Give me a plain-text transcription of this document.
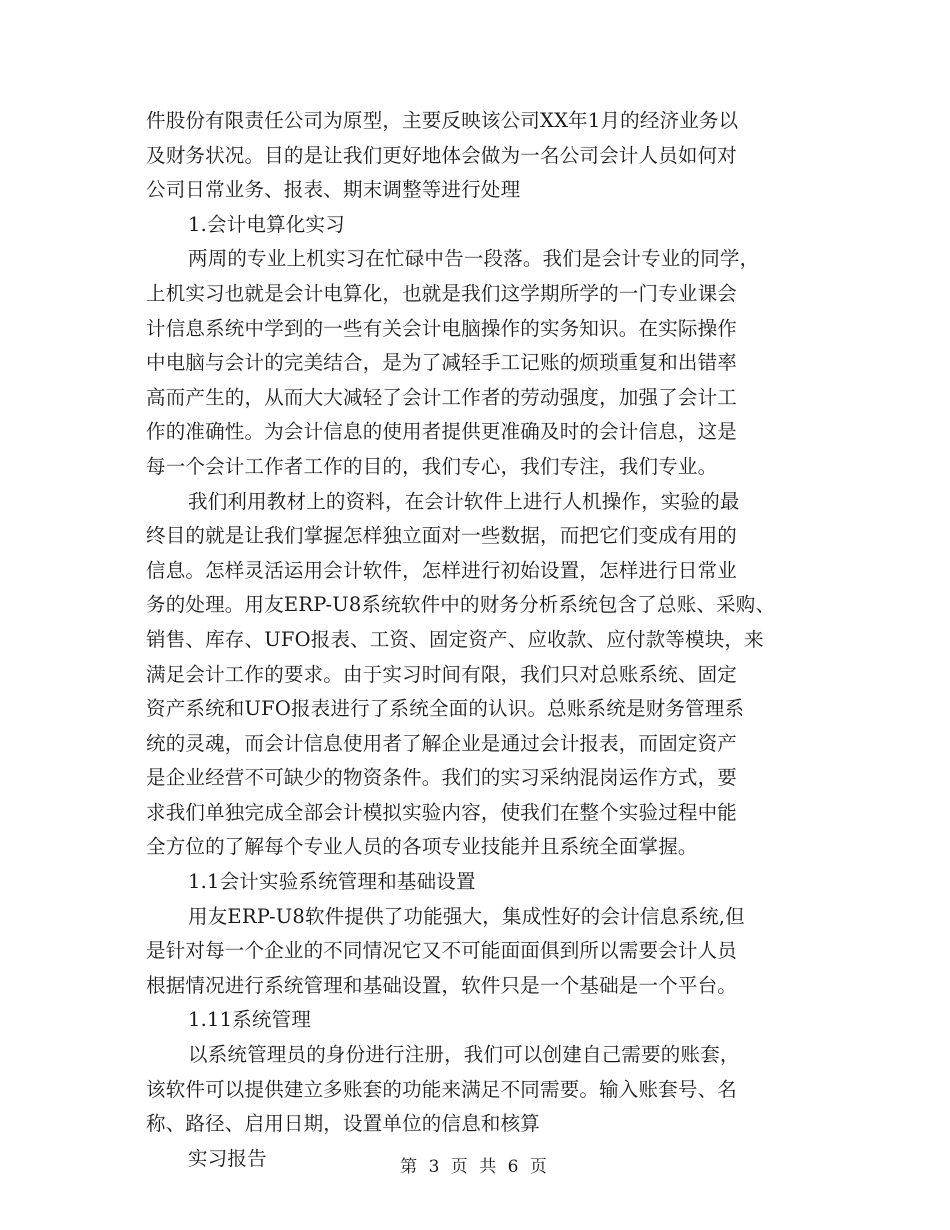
件股份有限责任公司为原型，主要反映该公司XX年1月的经济业务以
及财务状况。目的是让我们更好地体会做为一名公司会计人员如何对
公司日常业务、报表、期末调整等进行处理
1.会计电算化实习
两周的专业上机实习在忙碌中告一段落。我们是会计专业的同学，
上机实习也就是会计电算化，也就是我们这学期所学的一门专业课会
计信息系统中学到的一些有关会计电脑操作的实务知识。在实际操作
中电脑与会计的完美结合，是为了减轻手工记账的烦琐重复和出错率
高而产生的，从而大大减轻了会计工作者的劳动强度，加强了会计工
作的准确性。为会计信息的使用者提供更准确及时的会计信息，这是
每一个会计工作者工作的目的，我们专心，我们专注，我们专业。
我们利用教材上的资料，在会计软件上进行人机操作，实验的最
终目的就是让我们掌握怎样独立面对一些数据，而把它们变成有用的
信息。怎样灵活运用会计软件，怎样进行初始设置，怎样进行日常业
务的处理。用友ERP-U8系统软件中的财务分析系统包含了总账、采购、
销售、库存、UFO报表、工资、固定资产、应收款、应付款等模块，来
满足会计工作的要求。由于实习时间有限，我们只对总账系统、固定
资产系统和UFO报表进行了系统全面的认识。总账系统是财务管理系
统的灵魂，而会计信息使用者了解企业是通过会计报表，而固定资产
是企业经营不可缺少的物资条件。我们的实习采纳混岗运作方式，要
求我们单独完成全部会计模拟实验内容，使我们在整个实验过程中能
全方位的了解每个专业人员的各项专业技能并且系统全面掌握。
1.1会计实验系统管理和基础设置
用友ERP-U8软件提供了功能强大，集成性好的会计信息系统,但
是针对每一个企业的不同情况它又不可能面面俱到所以需要会计人员
根据情况进行系统管理和基础设置，软件只是一个基础是一个平台。
1.11系统管理
以系统管理员的身份进行注册，我们可以创建自己需要的账套，
该软件可以提供建立多账套的功能来满足不同需要。输入账套号、名
称、路径、启用日期，设置单位的信息和核算
实习报告	第 3 页 共 6 页
